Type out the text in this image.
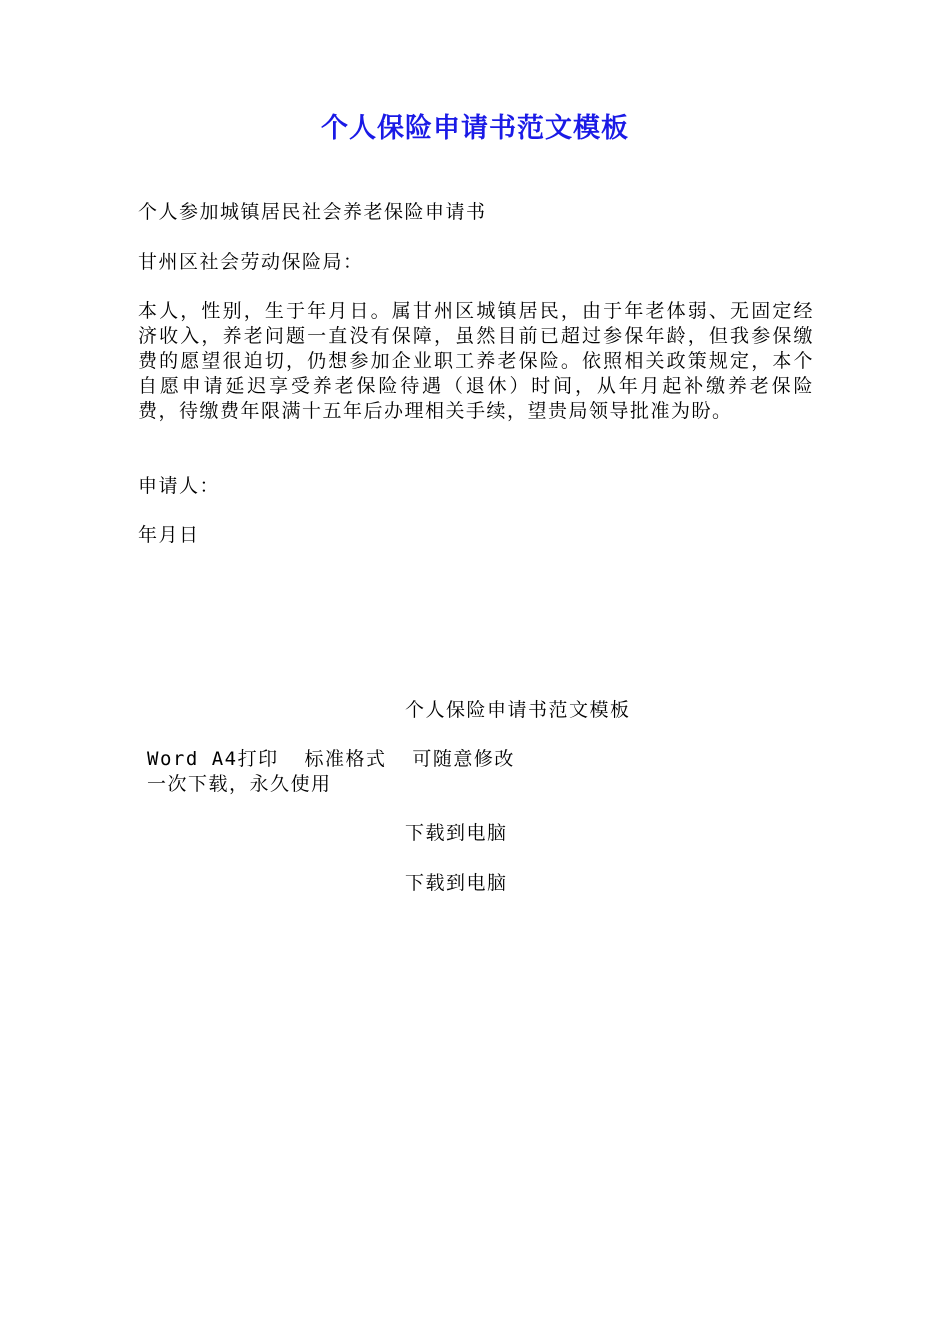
个人保险申请书范文模板
个人参加城镇居民社会养老保险申请书
甘州区社会劳动保险局：
本人，性别，生于年月日。属甘州区城镇居民，由于年老体弱、无固定经济收入，养老问题一直没有保障，虽然目前已超过参保年龄，但我参保缴费的愿望很迫切，仍想参加企业职工养老保险。依照相关政策规定，本个自愿申请延迟享受养老保险待遇（退休）时间，从年月起补缴养老保险费，待缴费年限满十五年后办理相关手续，望贵局领导批准为盼。
申请人：
年月日
个人保险申请书范文模板
Word A4打印  标准格式  可随意修改
一次下载，永久使用
下载到电脑
下载到电脑
